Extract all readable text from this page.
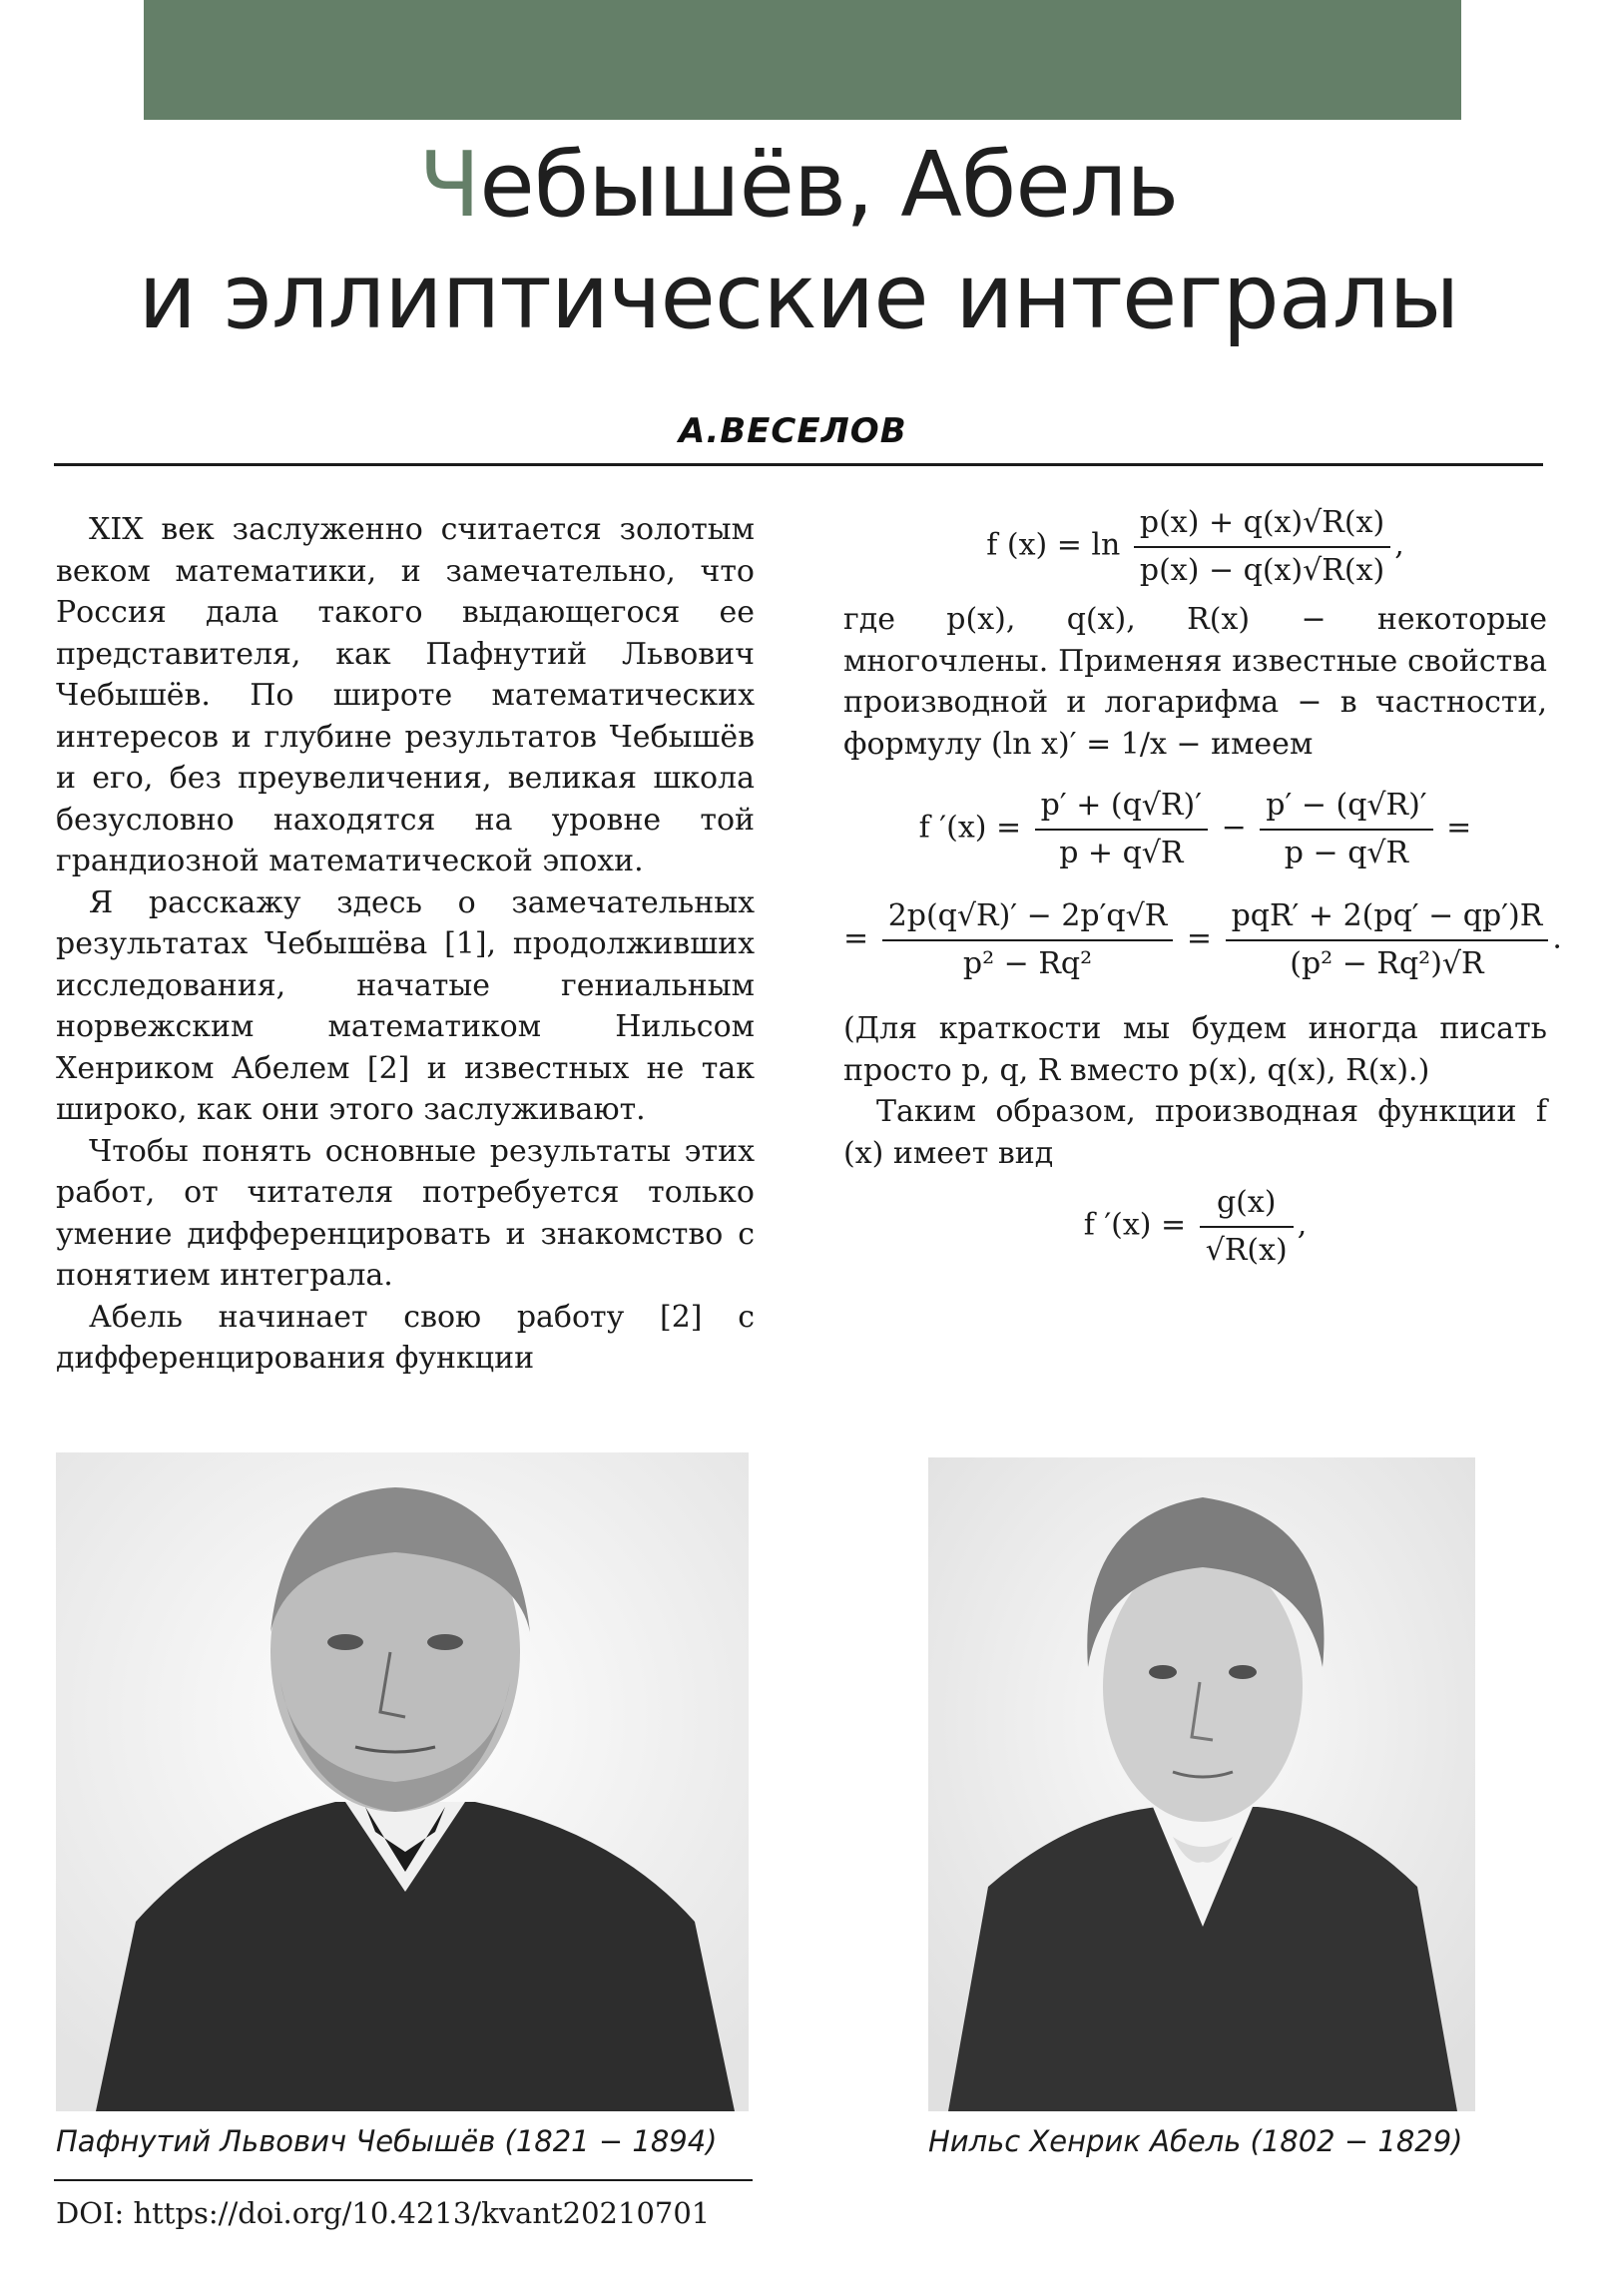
Чебышёв, Абель
и эллиптические интегралы
А.ВЕСЕЛОВ

XIX век заслуженно считается золотым веком математики, и замечательно, что Россия дала такого выдающегося ее представителя, как Пафнутий Львович Чебышёв. По широте математических интересов и глубине результатов Чебышёв и его, без преувеличения, великая школа безусловно находятся на уровне той грандиозной математической эпохи.

Я расскажу здесь о замечательных результатах Чебышёва [1], продолживших исследования, начатые гениальным норвежским математиком Нильсом Хенриком Абелем [2] и известных не так широко, как они этого заслуживают.

Чтобы понять основные результаты этих работ, от читателя потребуется только умение дифференцировать и знакомство с понятием интеграла.

Абель начинает свою работу [2] с дифференцирования функции

f $(x) = \ln \frac{p(x) + q(x)√R(x)}{p(x) - q(x)√R(x)}$ ,

где p(x), q(x), R(x) − некоторые многочлены. Применяя известные свойства производной и логарифма − в частности, формулу (ln x)′ = 1/x − имеем

f $'(x) = \frac{p' + (q√R)'}{p + q√R} - \frac{p' - (q√R)'}{p - q√R}$ =
= $\frac{2p(q√R)' - 2p'q√R}{\text{p² − Rq²}} = \frac{\text{pqR′ + 2(pq′ − qp′)R}}{\text{(p² − Rq²)√R}}$ .

(Для краткости мы будем иногда писать просто p, q, R вместо p(x), q(x), R(x).)

Таким образом, производная функции f (x) имеет вид

f $'(x) = \frac{g(x)}{√R(x)}$ ,
Пафнутий Львович Чебышёв (1821 − 1894)	Нильс Хенрик Абель (1802 − 1829)
DOI: https://doi.org/10.4213/kvant20210701
